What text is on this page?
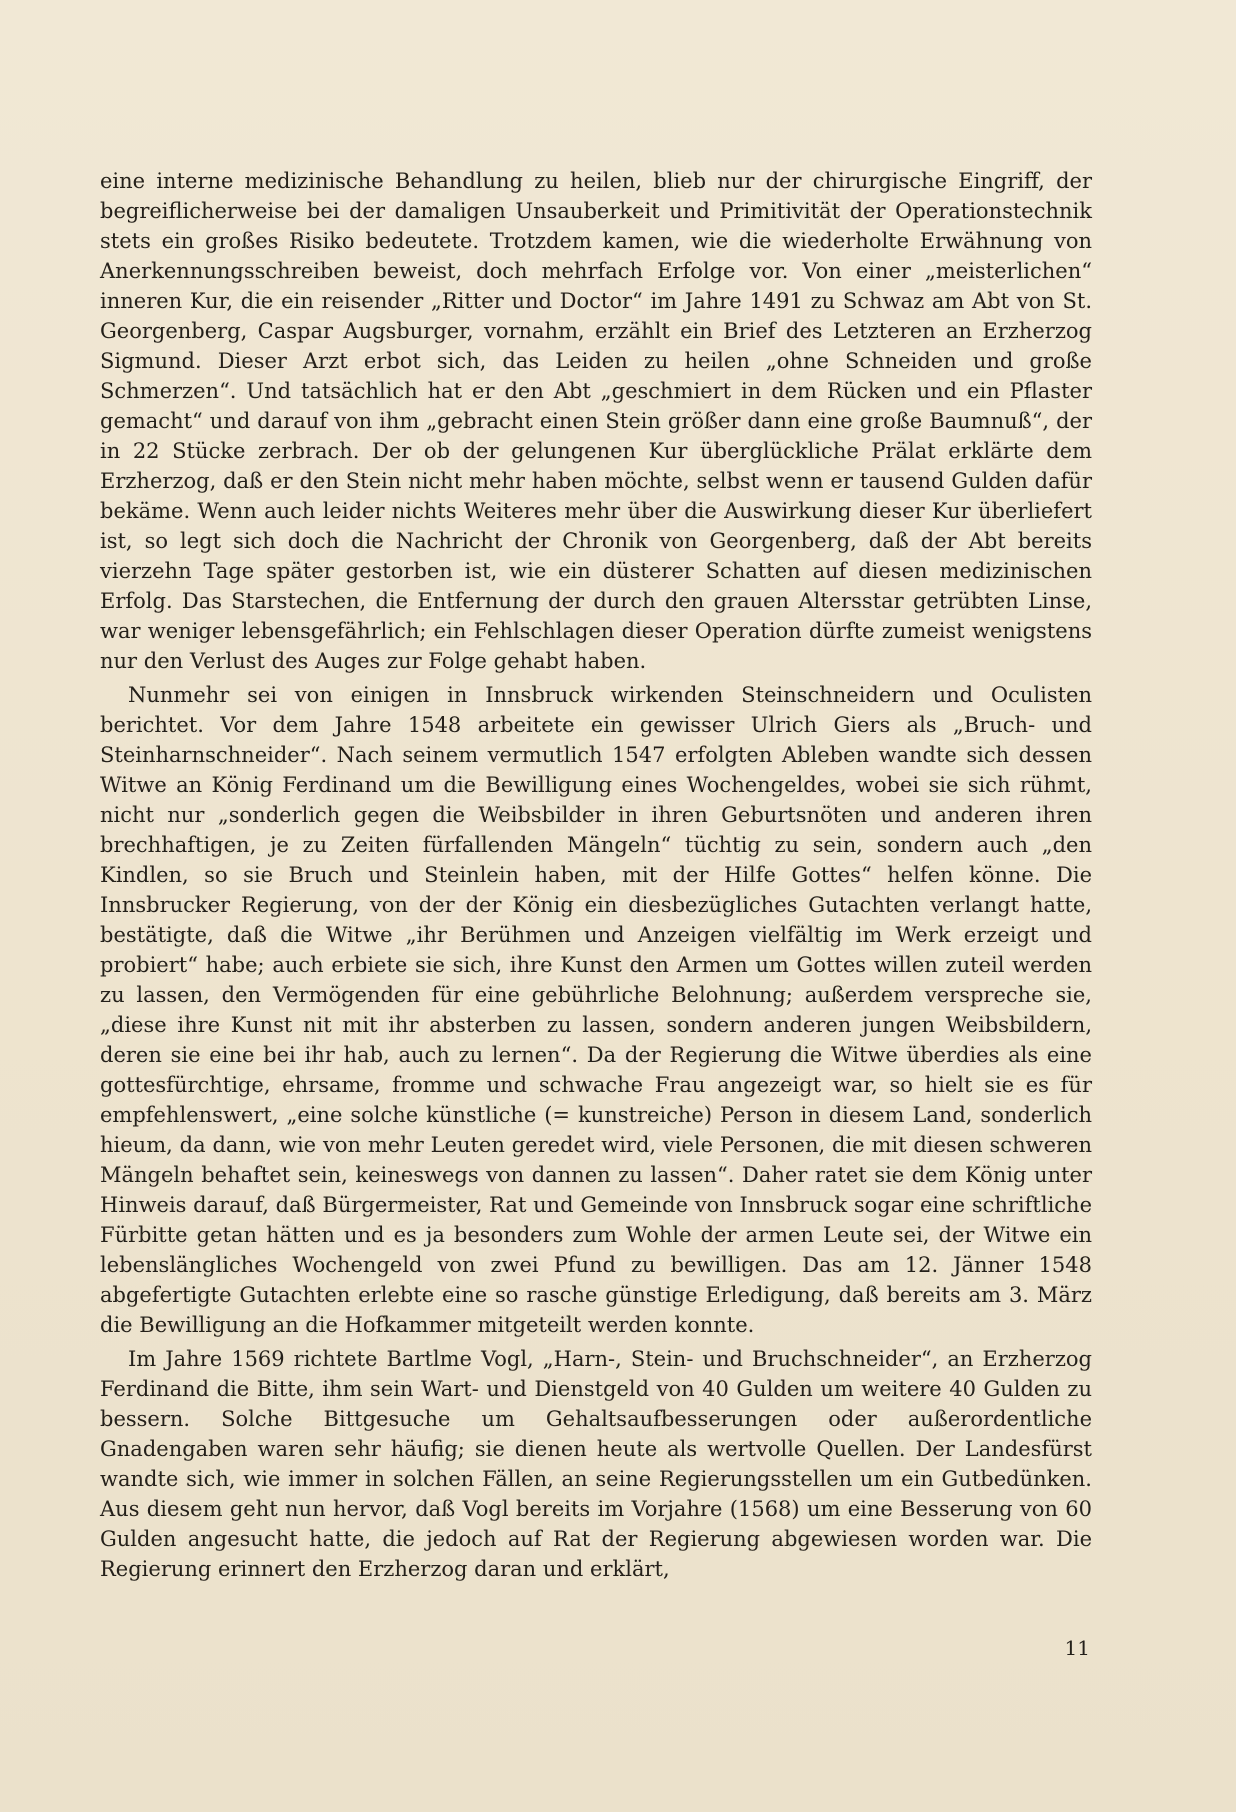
eine interne medizinische Behandlung zu heilen, blieb nur der chirurgische Eingriff, der begreiflicherweise bei der damaligen Unsauberkeit und Primitivität der Operationstechnik stets ein großes Risiko bedeutete. Trotzdem kamen, wie die wiederholte Erwähnung von Anerkennungsschreiben beweist, doch mehrfach Erfolge vor. Von einer „meisterlichen“ inneren Kur, die ein reisender „Ritter und Doctor“ im Jahre 1491 zu Schwaz am Abt von St. Georgenberg, Caspar Augsburger, vornahm, erzählt ein Brief des Letzteren an Erzherzog Sigmund. Dieser Arzt erbot sich, das Leiden zu heilen „ohne Schneiden und große Schmerzen“. Und tatsächlich hat er den Abt „geschmiert in dem Rücken und ein Pflaster gemacht“ und darauf von ihm „gebracht einen Stein größer dann eine große Baumnuß“, der in 22 Stücke zerbrach. Der ob der gelungenen Kur überglückliche Prälat erklärte dem Erzherzog, daß er den Stein nicht mehr haben möchte, selbst wenn er tausend Gulden dafür bekäme. Wenn auch leider nichts Weiteres mehr über die Auswirkung dieser Kur überliefert ist, so legt sich doch die Nachricht der Chronik von Georgenberg, daß der Abt bereits vierzehn Tage später gestorben ist, wie ein düsterer Schatten auf diesen medizinischen Erfolg. Das Starstechen, die Entfernung der durch den grauen Altersstar getrübten Linse, war weniger lebensgefährlich; ein Fehlschlagen dieser Operation dürfte zumeist wenigstens nur den Verlust des Auges zur Folge gehabt haben.

Nunmehr sei von einigen in Innsbruck wirkenden Steinschneidern und Oculisten berichtet. Vor dem Jahre 1548 arbeitete ein gewisser Ulrich Giers als „Bruch- und Steinharnschneider“. Nach seinem vermutlich 1547 erfolgten Ableben wandte sich dessen Witwe an König Ferdinand um die Bewilligung eines Wochengeldes, wobei sie sich rühmt, nicht nur „sonderlich gegen die Weibsbilder in ihren Geburtsnöten und anderen ihren brechhaftigen, je zu Zeiten fürfallenden Mängeln“ tüchtig zu sein, sondern auch „den Kindlen, so sie Bruch und Steinlein haben, mit der Hilfe Gottes“ helfen könne. Die Innsbrucker Regierung, von der der König ein diesbezügliches Gutachten verlangt hatte, bestätigte, daß die Witwe „ihr Berühmen und Anzeigen vielfältig im Werk erzeigt und probiert“ habe; auch erbiete sie sich, ihre Kunst den Armen um Gottes willen zuteil werden zu lassen, den Vermögenden für eine gebührliche Belohnung; außerdem verspreche sie, „diese ihre Kunst nit mit ihr absterben zu lassen, sondern anderen jungen Weibsbildern, deren sie eine bei ihr hab, auch zu lernen“. Da der Regierung die Witwe überdies als eine gottesfürchtige, ehrsame, fromme und schwache Frau angezeigt war, so hielt sie es für empfehlenswert, „eine solche künstliche (= kunstreiche) Person in diesem Land, sonderlich hieum, da dann, wie von mehr Leuten geredet wird, viele Personen, die mit diesen schweren Mängeln behaftet sein, keineswegs von dannen zu lassen“. Daher ratet sie dem König unter Hinweis darauf, daß Bürgermeister, Rat und Gemeinde von Innsbruck sogar eine schriftliche Fürbitte getan hätten und es ja besonders zum Wohle der armen Leute sei, der Witwe ein lebenslängliches Wochengeld von zwei Pfund zu bewilligen. Das am 12. Jänner 1548 abgefertigte Gutachten erlebte eine so rasche günstige Erledigung, daß bereits am 3. März die Bewilligung an die Hofkammer mitgeteilt werden konnte.

Im Jahre 1569 richtete Bartlme Vogl, „Harn-, Stein- und Bruchschneider“, an Erzherzog Ferdinand die Bitte, ihm sein Wart- und Dienstgeld von 40 Gulden um weitere 40 Gulden zu bessern. Solche Bittgesuche um Gehaltsaufbesserungen oder außerordentliche Gnadengaben waren sehr häufig; sie dienen heute als wertvolle Quellen. Der Landesfürst wandte sich, wie immer in solchen Fällen, an seine Regierungsstellen um ein Gutbedünken. Aus diesem geht nun hervor, daß Vogl bereits im Vorjahre (1568) um eine Besserung von 60 Gulden angesucht hatte, die jedoch auf Rat der Regierung abgewiesen worden war. Die Regierung erinnert den Erzherzog daran und erklärt,

11
